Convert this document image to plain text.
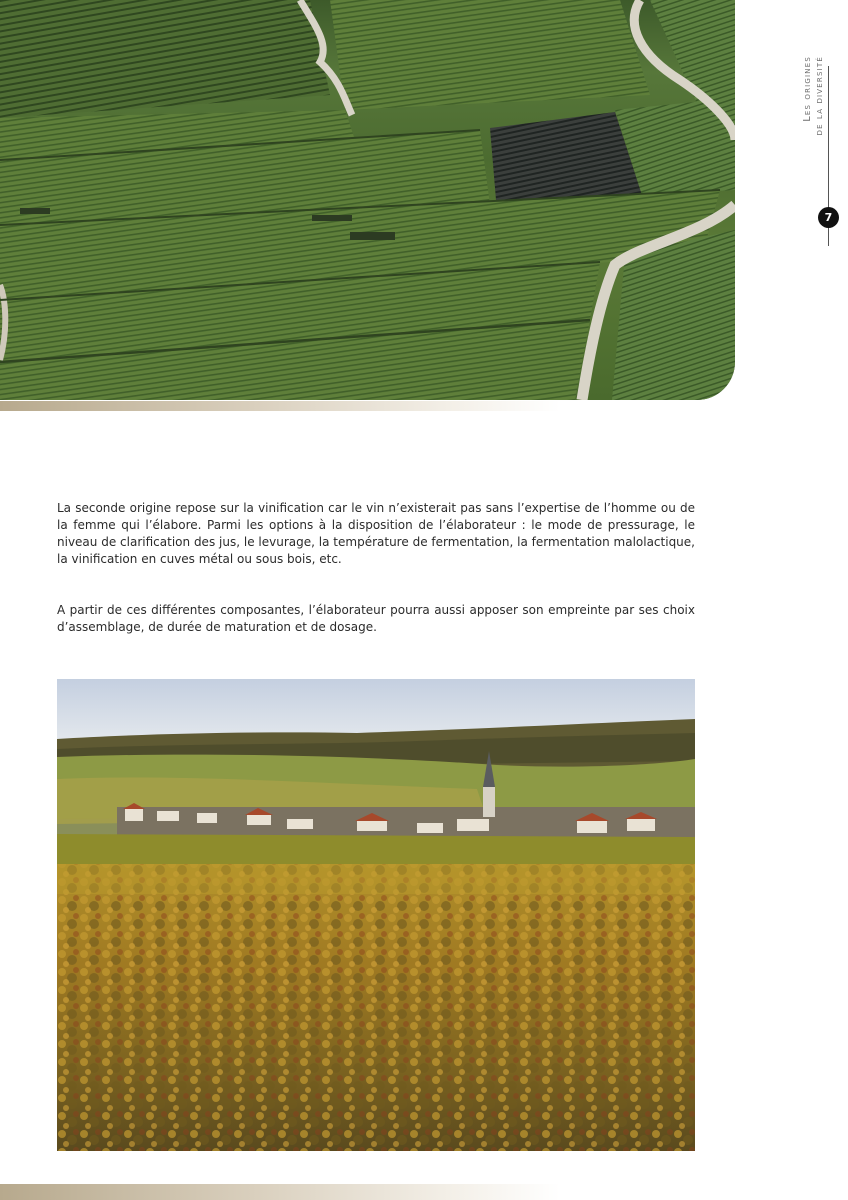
Les origines de la diversité
7

La seconde origine repose sur la vinification car le vin n’existerait pas sans l’expertise de l’homme ou de la femme qui l’élabore. Parmi les options à la disposition de l’élaborateur : le mode de pressurage, le niveau de clarification des jus, le levurage, la température de fermentation, la fermentation malolactique, la vinification en cuves métal ou sous bois, etc.

A partir de ces différentes composantes, l’élaborateur pourra aussi apposer son empreinte par ses choix d’assemblage, de durée de maturation et de dosage.
